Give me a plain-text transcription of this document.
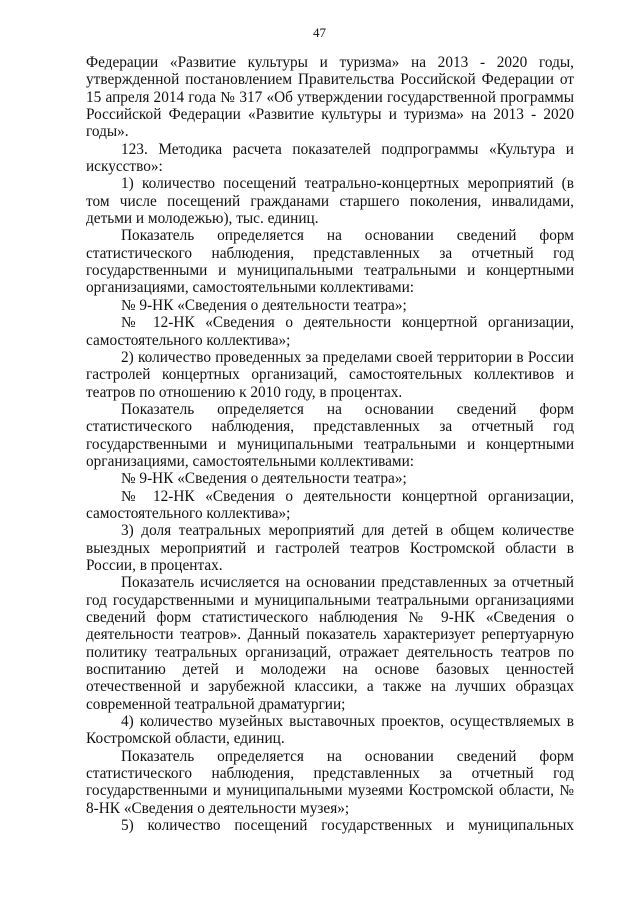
47

Федерации «Развитие культуры и туризма» на 2013 - 2020 годы, утвержденной постановлением Правительства Российской Федерации от 15 апреля 2014 года № 317 «Об утверждении государственной программы Российской Федерации «Развитие культуры и туризма» на 2013 - 2020 годы».

123. Методика расчета показателей подпрограммы «Культура и искусство»:

1) количество посещений театрально-концертных мероприятий (в том числе посещений гражданами старшего поколения, инвалидами, детьми и молодежью), тыс. единиц.

Показатель определяется на основании сведений форм статистического наблюдения, представленных за отчетный год государственными и муниципальными театральными и концертными организациями, самостоятельными коллективами:

№ 9-НК «Сведения о деятельности театра»;

№ 12-НК «Сведения о деятельности концертной организации, самостоятельного коллектива»;

2) количество проведенных за пределами своей территории в России гастролей концертных организаций, самостоятельных коллективов и театров по отношению к 2010 году, в процентах.

Показатель определяется на основании сведений форм статистического наблюдения, представленных за отчетный год государственными и муниципальными театральными и концертными организациями, самостоятельными коллективами:

№ 9-НК «Сведения о деятельности театра»;

№ 12-НК «Сведения о деятельности концертной организации, самостоятельного коллектива»;

3) доля театральных мероприятий для детей в общем количестве выездных мероприятий и гастролей театров Костромской области в России, в процентах.

Показатель исчисляется на основании представленных за отчетный год государственными и муниципальными театральными организациями сведений форм статистического наблюдения № 9-НК «Сведения о деятельности театров». Данный показатель характеризует репертуарную политику театральных организаций, отражает деятельность театров по воспитанию детей и молодежи на основе базовых ценностей отечественной и зарубежной классики, а также на лучших образцах современной театральной драматургии;

4) количество музейных выставочных проектов, осуществляемых в Костромской области, единиц.

Показатель определяется на основании сведений форм статистического наблюдения, представленных за отчетный год государственными и муниципальными музеями Костромской области, № 8-НК «Сведения о деятельности музея»;

5) количество посещений государственных и муниципальных
